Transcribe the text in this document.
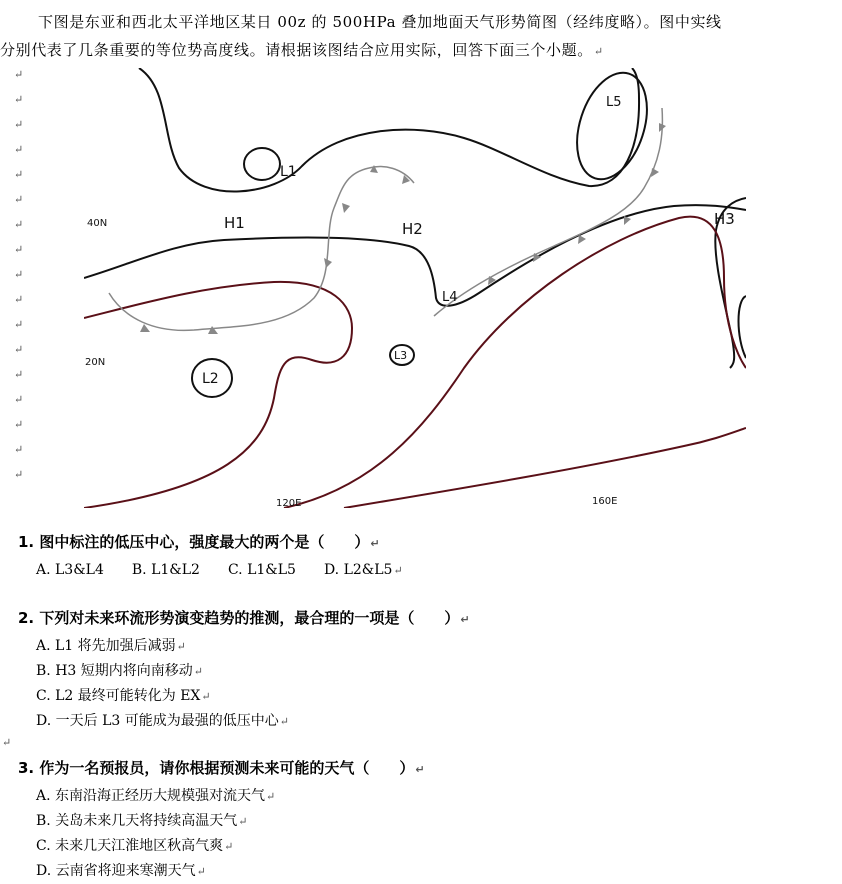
下图是东亚和西北太平洋地区某日 00z 的 500HPa 叠加地面天气形势简图（经纬度略）。图中实线
分别代表了几条重要的等位势高度线。请根据该图结合应用实际，回答下面三个小题。↵
↵
↵
↵
↵
↵
↵
↵
↵
↵
↵
↵
↵
↵
↵
↵
↵
↵
40N
20N
120E	160E
L1
L2
L3
L4
L5
H1	H2
H3
1. 图中标注的低压中心，强度最大的两个是（　　）↵
A. L3&L4 B. L1&L2 C. L1&L5 D. L2&L5↵
2. 下列对未来环流形势演变趋势的推测，最合理的一项是（　　）↵
A. L1 将先加强后减弱↵
B. H3 短期内将向南移动↵
C. L2 最终可能转化为 EX↵
D. 一天后 L3 可能成为最强的低压中心↵
↵
3. 作为一名预报员，请你根据预测未来可能的天气（　　）↵
A. 东南沿海正经历大规模强对流天气↵
B. 关岛未来几天将持续高温天气↵
C. 未来几天江淮地区秋高气爽↵
D. 云南省将迎来寒潮天气↵
